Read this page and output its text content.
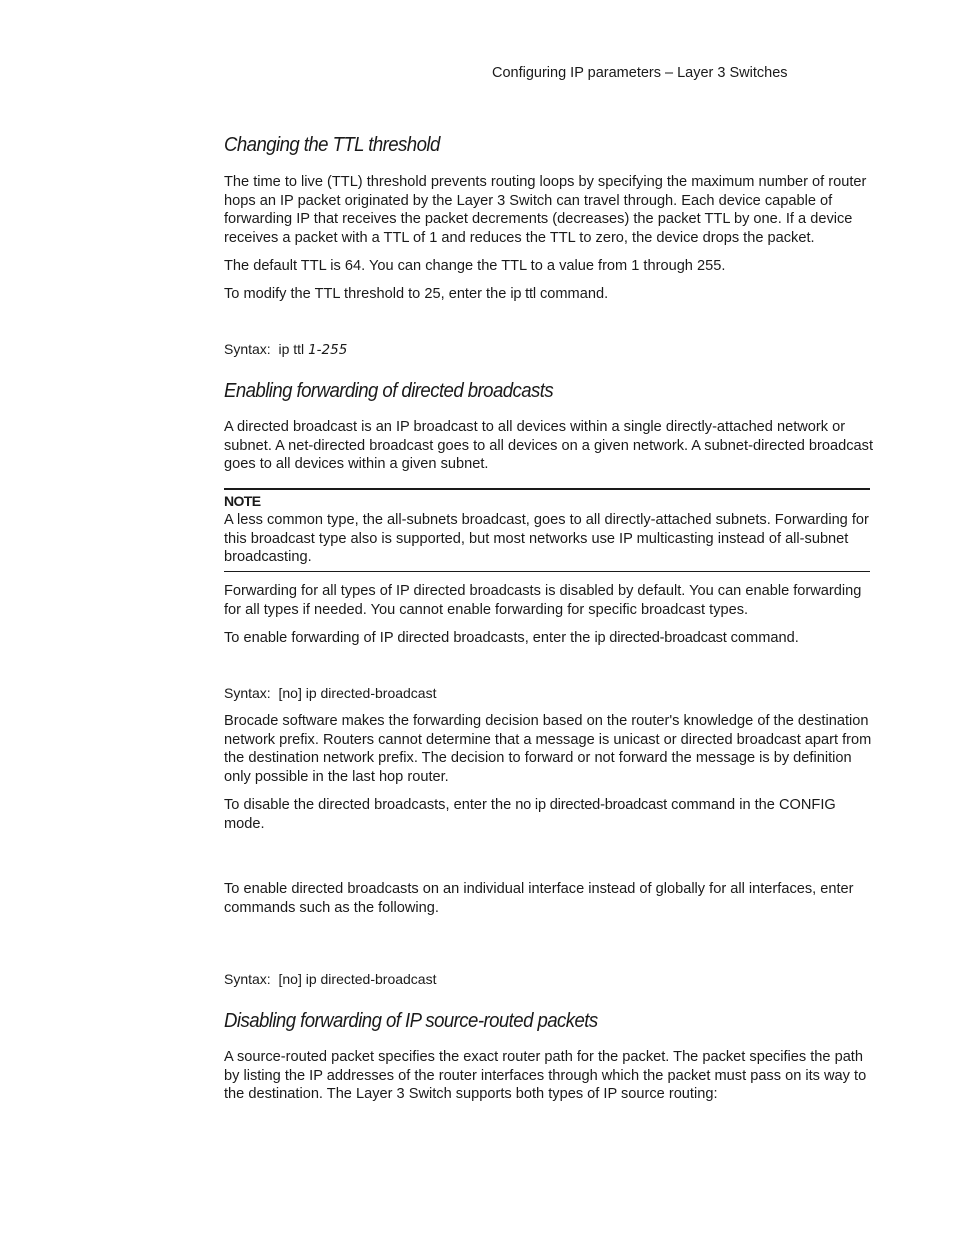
Configuring IP parameters – Layer 3 Switches
Changing the TTL threshold
The time to live (TTL) threshold prevents routing loops by specifying the maximum number of router hops an IP packet originated by the Layer 3 Switch can travel through. Each device capable of forwarding IP that receives the packet decrements (decreases) the packet TTL by one. If a device receives a packet with a TTL of 1 and reduces the TTL to zero, the device drops the packet.
The default TTL is 64. You can change the TTL to a value from 1 through 255.
To modify the TTL threshold to 25, enter the ip ttl command.
Syntax: ip ttl 1-255
Enabling forwarding of directed broadcasts
A directed broadcast is an IP broadcast to all devices within a single directly-attached network or subnet. A net-directed broadcast goes to all devices on a given network. A subnet-directed broadcast goes to all devices within a given subnet.
NOTE
A less common type, the all-subnets broadcast, goes to all directly-attached subnets. Forwarding for this broadcast type also is supported, but most networks use IP multicasting instead of all-subnet broadcasting.
Forwarding for all types of IP directed broadcasts is disabled by default. You can enable forwarding for all types if needed. You cannot enable forwarding for specific broadcast types.
To enable forwarding of IP directed broadcasts, enter the ip directed-broadcast command.
Syntax: [no] ip directed-broadcast
Brocade software makes the forwarding decision based on the router's knowledge of the destination network prefix. Routers cannot determine that a message is unicast or directed broadcast apart from the destination network prefix. The decision to forward or not forward the message is by definition only possible in the last hop router.
To disable the directed broadcasts, enter the no ip directed-broadcast command in the CONFIG mode.
To enable directed broadcasts on an individual interface instead of globally for all interfaces, enter commands such as the following.
Syntax: [no] ip directed-broadcast
Disabling forwarding of IP source-routed packets
A source-routed packet specifies the exact router path for the packet. The packet specifies the path by listing the IP addresses of the router interfaces through which the packet must pass on its way to the destination. The Layer 3 Switch supports both types of IP source routing:
